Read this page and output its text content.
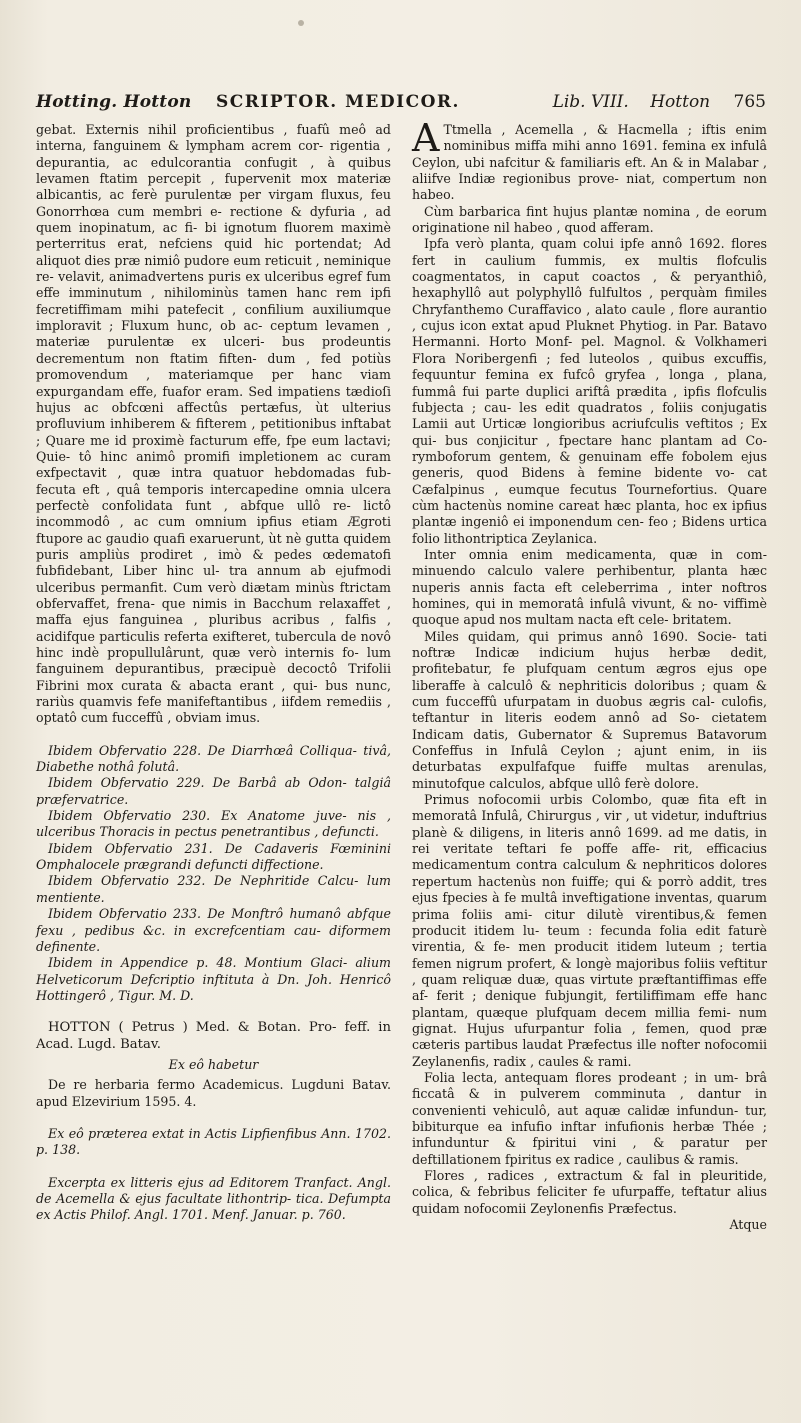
Hotting. Hotton SCRIPTOR. MEDICOR.	Lib. VIII. Hotton 765

gebat. Externis nihil proficientibus , fuafû meô ad interna, fanguinem & lympham acrem cor- rigentia , depurantia, ac edulcorantia confugit , à quibus levamen ftatim percepit , fupervenit mox materiæ albicantis, ac ferè purulentæ per virgam fluxus, feu Gonorrhœa cum membri e- rectione & dyfuria , ad quem inopinatum, ac fi- bi ignotum fluorem maximè perterritus erat, nefciens quid hic portendat; Ad aliquot dies præ nimiô pudore eum reticuit , neminique re- velavit, animadvertens puris ex ulceribus egref fum effe imminutum , nihilominùs tamen hanc rem ipfi fecretiffimam mihi patefecit , confilium auxiliumque imploravit ; Fluxum hunc, ob ac- ceptum levamen , materiæ purulentæ ex ulceri- bus prodeuntis decrementum non ftatim fiften- dum , fed potiùs promovendum , materiamque per hanc viam expurgandam effe, fuafor eram. Sed impatiens tædioſi hujus ac obfcœni affectûs pertæfus, ùt ulterius profluvium inhiberem & fifterem , petitionibus inftabat ; Quare me id proximè facturum effe, fpe eum lactavi; Quie- tô hinc animô promifi impletionem ac curam exfpectavit , quæ intra quatuor hebdomadas fub- fecuta eft , quâ temporis intercapedine omnia ulcera perfectè confolidata funt , abfque ullô re- lictô incommodô , ac cum omnium ipfius etiam Ægroti ftupore ac gaudio quafi exaruerunt, ùt nè gutta quidem puris ampliùs prodiret , imò & pedes œdematofi fubfidebant, Liber hinc ul- tra annum ab ejufmodi ulceribus permanfit. Cum verò diætam minùs ftrictam obfervaffet, frena- que nimis in Bacchum relaxaffet , maffa ejus fanguinea , pluribus acribus , falfis , acidifque particulis referta exifteret, tubercula de novô hinc indè propullulârunt, quæ verò internis fo- lum fanguinem depurantibus, præcipuè decoctô Trifolii Fibrini mox curata & abacta erant , qui- bus nunc, rariùs quamvis fefe manifeftantibus , iifdem remediis , optatô cum fucceffû , obviam imus.

Ibidem Obfervatio 228. De Diarrhœâ Colliqua- tivâ, Diabethe nothâ folutâ.

Ibidem Obfervatio 229. De Barbâ ab Odon- talgiâ præfervatrice.

Ibidem Obfervatio 230. Ex Anatome juve- nis , ulceribus Thoracis in pectus penetrantibus , defuncti.

Ibidem Obfervatio 231. De Cadaveris Fœminini Omphalocele prægrandi defuncti diffectione.

Ibidem Obfervatio 232. De Nephritide Calcu- lum mentiente.

Ibidem Obfervatio 233. De Monftrô humanô abfque fexu , pedibus &c. in excrefcentiam cau- diformem definente.

Ibidem in Appendice p. 48. Montium Glaci- alium Helveticorum Defcriptio inftituta à Dn. Joh. Henricô Hottingerô , Tigur. M. D.

HOTTON ( Petrus ) Med. & Botan. Pro- feff. in Acad. Lugd. Batav.

Ex eô habetur

De re herbaria fermo Academicus. Lugduni Batav. apud Elzevirium 1595. 4.

Ex eô præterea extat in Actis Lipfienfibus Ann. 1702. p. 138.

Excerpta ex litteris ejus ad Editorem Tranfact. Angl. de Acemella & ejus facultate lithontrip- tica. Defumpta ex Actis Philof. Angl. 1701. Menf. Januar. p. 760.

A Ttmella , Acemella , & Hacmella ; iftis enim nominibus miffa mihi anno 1691. femina ex infulâ Ceylon, ubi nafcitur & familiaris eft. An & in Malabar , aliifve Indiæ regionibus prove- niat, compertum non habeo.

Cùm barbarica fint hujus plantæ nomina , de eorum originatione nil habeo , quod afferam.

Ipfa verò planta, quam colui ipfe annô 1692. flores fert in caulium fummis, ex multis flofculis coagmentatos, in caput coactos , & peryanthiô, hexaphyllô aut polyphyllô fulfultos , perquàm fimiles Chryfanthemo Curaffavico , alato caule , flore aurantio , cujus icon extat apud Pluknet Phytiog. in Par. Batavo Hermanni. Horto Monf- pel. Magnol. & Volkhameri Flora Noribergenfi ; fed luteolos , quibus excuffis, fequuntur femina ex fufcô gryfea , longa , plana, fummâ fui parte duplici ariftâ prædita , ipfis flofculis fubjecta ; cau- les edit quadratos , foliis conjugatis Lamii aut Urticæ longioribus acriufculis veftitos ; Ex qui- bus conjicitur , fpectare hanc plantam ad Co- rymboforum gentem, & genuinam effe fobolem ejus generis, quod Bidens à femine bidente vo- cat Cæfalpinus , eumque fecutus Tournefortius. Quare cùm hactenùs nomine careat hæc planta, hoc ex ipfius plantæ ingeniô ei imponendum cen- feo ; Bidens urtica folio lithontriptica Zeylanica.

Inter omnia enim medicamenta, quæ in com- minuendo calculo valere perhibentur, planta hæc nuperis annis facta eft celeberrima , inter noftros homines, qui in memoratâ infulâ vivunt, & no- viffimè quoque apud nos multam nacta eft cele- britatem.

Miles quidam, qui primus annô 1690. Socie- tati noftræ Indicæ indicium hujus herbæ dedit, profitebatur, fe plufquam centum ægros ejus ope liberaffe à calculô & nephriticis doloribus ; quam & cum fucceffû ufurpatam in duobus ægris cal- culofis, teftantur in literis eodem annô ad So- cietatem Indicam datis, Gubernator & Supremus Batavorum Confeffus in Infulâ Ceylon ; ajunt enim, in iis deturbatas expulfafque fuiffe multas arenulas, minutofque calculos, abfque ullô ferè dolore.

Primus nofocomii urbis Colombo, quæ fita eft in memoratâ Infulâ, Chirurgus , vir , ut videtur, induftrius planè & diligens, in literis annô 1699. ad me datis, in rei veritate teftari fe poffe affe- rit, efficacius medicamentum contra calculum & nephriticos dolores repertum hactenùs non fuiffe; qui & porrò addit, tres ejus fpecies à fe multâ inveftigatione inventas, quarum prima foliis ami- citur dilutè virentibus,& femen producit itidem lu- teum : fecunda folia edit faturè virentia, & fe- men producit itidem luteum ; tertia femen nigrum profert, & longè majoribus foliis veftitur , quam reliquæ duæ, quas virtute præftantiffimas effe af- ferit ; denique fubjungit, fertiliffimam effe hanc plantam, quæque plufquam decem millia femi- num gignat. Hujus ufurpantur folia , femen, quod præ cæteris partibus laudat Præfectus ille nofter nofocomii Zeylanenfis, radix , caules & rami.

Folia lecta, antequam flores prodeant ; in um- brâ ficcatâ & in pulverem comminuta , dantur in convenienti vehiculô, aut aquæ calidæ infundun- tur, bibiturque ea infufio inftar infufionis herbæ Thée ; infunduntur & fpiritui vini , & paratur per deftillationem fpiritus ex radice , caulibus & ramis.

Flores , radices , extractum & fal in pleuritide, colica, & febribus feliciter fe ufurpaffe, teftatur alius quidam nofocomii Zeylonenfis Præfectus.

Atque
